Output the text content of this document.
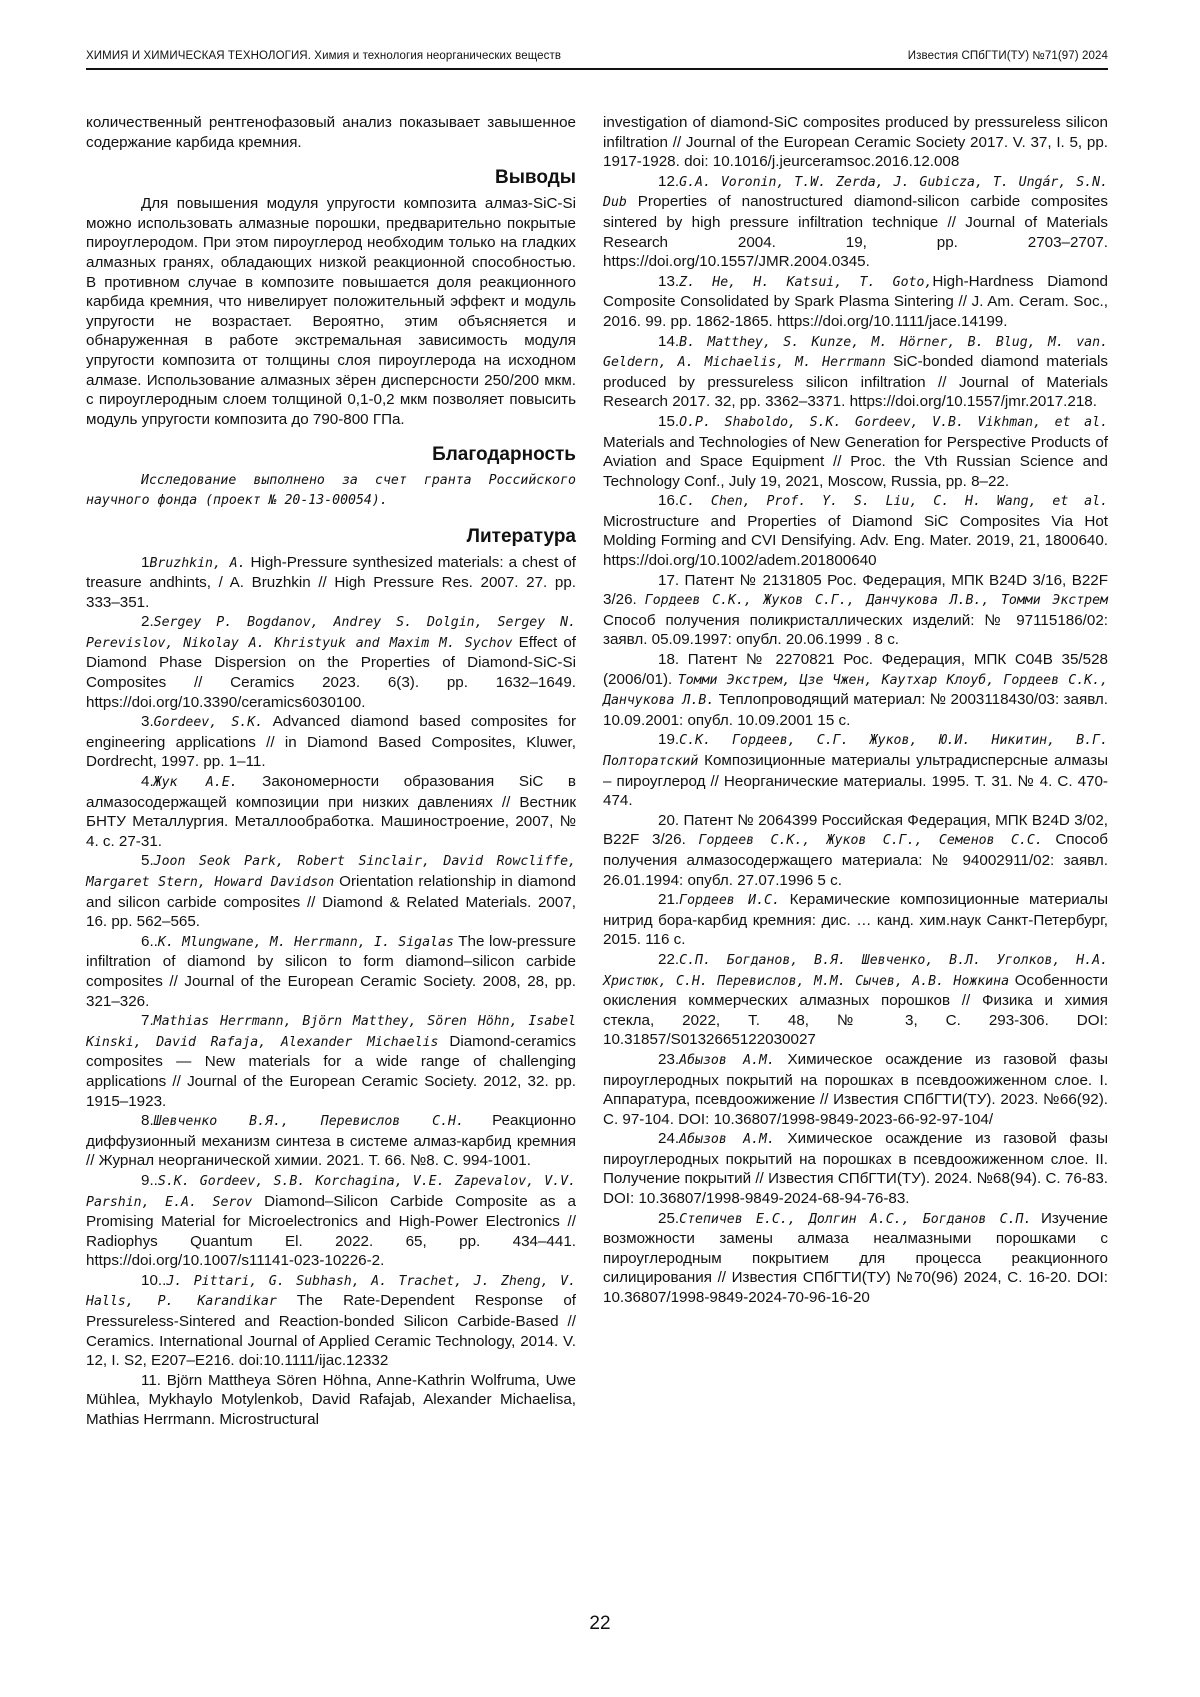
ХИМИЯ И ХИМИЧЕСКАЯ ТЕХНОЛОГИЯ. Химия и технология неорганических веществ	Известия СПбГТИ(ТУ) №71(97) 2024

количественный рентгенофазовый анализ показывает завышенное содержание карбида кремния.

Выводы

Для повышения модуля упругости композита алмаз-SiC-Si можно использовать алмазные порошки, предварительно покрытые пироуглеродом. При этом пироуглерод необходим только на гладких алмазных гранях, обладающих низкой реакционной способностью. В противном случае в композите повышается доля реакционного карбида кремния, что нивелирует положительный эффект и модуль упругости не возрастает. Вероятно, этим объясняется и обнаруженная в работе экстремальная зависимость модуля упругости композита от толщины слоя пироуглерода на исходном алмазе. Использование алмазных зёрен дисперсности 250/200 мкм. с пироуглеродным слоем толщиной 0,1-0,2 мкм позволяет повысить модуль упругости композита до 790-800 ГПа.

Благодарность

Исследование выполнено за счет гранта Российского научного фонда (проект № 20-13-00054).

Литература

1Bruzhkin, A. High-Pressure synthesized materials: a chest of treasure andhints, / A. Bruzhkin // High Pressure Res. 2007. 27. pp. 333–351.

2.Sergey P. Bogdanov, Andrey S. Dolgin, Sergey N. Perevislov, Nikolay A. Khristyuk and Maxim M. Sychov Effect of Diamond Phase Dispersion on the Properties of Diamond-SiC-Si Composites // Ceramics 2023. 6(3). pp. 1632–1649. https://doi.org/10.3390/ceramics6030100.

3.Gordeev, S.K. Advanced diamond based composites for engineering applications // in Diamond Based Composites, Kluwer, Dordrecht, 1997. pp. 1–11.

4.Жук А.Е. Закономерности образования SiC в алмазосодержащей композиции при низких давлениях // Вестник БНТУ Металлургия. Металлообработка. Машиностроение, 2007, № 4. с. 27-31.

5.Joon Seok Park, Robert Sinclair, David Rowcliffe, Margaret Stern, Howard Davidson Orientation relationship in diamond and silicon carbide composites // Diamond & Related Materials. 2007, 16. pp. 562–565.

6..K. Mlungwane, M. Herrmann, I. Sigalas The low-pressure infiltration of diamond by silicon to form diamond–silicon carbide composites // Journal of the European Ceramic Society. 2008, 28, pp. 321–326.

7.Mathias Herrmann, Björn Matthey, Sören Höhn, Isabel Kinski, David Rafaja, Alexander Michaelis Diamond-ceramics composites — New materials for a wide range of challenging applications // Journal of the European Ceramic Society. 2012, 32. pp. 1915–1923.

8.Шевченко В.Я., Перевислов С.Н. Реакционно диффузионный механизм синтеза в системе алмаз-карбид кремния // Журнал неорганической химии. 2021. Т. 66. №8. С. 994-1001.

9..S.K. Gordeev, S.B. Korchagina, V.E. Zapevalov, V.V. Parshin, E.A. Serov Diamond–Silicon Carbide Composite as a Promising Material for Microelectronics and High-Power Electronics // Radiophys Quantum El. 2022. 65, pp. 434–441. https://doi.org/10.1007/s11141-023-10226-2.

10..J. Pittari, G. Subhash, A. Trachet, J. Zheng, V. Halls, P. Karandikar The Rate-Dependent Response of Pressureless-Sintered and Reaction-bonded Silicon Carbide-Based // Ceramics. International Journal of Applied Ceramic Technology, 2014. V. 12, I. S2, E207–E216. doi:10.1111/ijac.12332

11. Björn Mattheya Sören Höhna, Anne-Kathrin Wolfruma, Uwe Mühlea, Mykhaylo Motylenkob, David Rafajab, Alexander Michaelisa, Mathias Herrmann. Microstructural

investigation of diamond-SiC composites produced by pressureless silicon infiltration // Journal of the European Ceramic Society 2017. V. 37, I. 5, pp. 1917-1928. doi: 10.1016/j.jeurceramsoc.2016.12.008

12.G.A. Voronin, T.W. Zerda, J. Gubicza, T. Ungár, S.N. Dub Properties of nanostructured diamond-silicon carbide composites sintered by high pressure infiltration technique // Journal of Materials Research 2004. 19, pp. 2703–2707. https://doi.org/10.1557/JMR.2004.0345.

13.Z. He, H. Katsui, T. Goto,High-Hardness Diamond Composite Consolidated by Spark Plasma Sintering // J. Am. Ceram. Soc., 2016. 99. pp. 1862-1865. https://doi.org/10.1111/jace.14199.

14.B. Matthey, S. Kunze, M. Hörner, B. Blug, M. van. Geldern, A. Michaelis, M. Herrmann SiC-bonded diamond materials produced by pressureless silicon infiltration // Journal of Materials Research 2017. 32, pp. 3362–3371. https://doi.org/10.1557/jmr.2017.218.

15.O.P. Shaboldo, S.K. Gordeev, V.B. Vikhman, et al. Materials and Technologies of New Generation for Perspective Products of Aviation and Space Equipment // Proc. the Vth Russian Science and Technology Conf., July 19, 2021, Moscow, Russia, pp. 8–22.

16.C. Chen, Prof. Y. S. Liu, C. H. Wang, et al. Microstructure and Properties of Diamond SiC Composites Via Hot Molding Forming and CVI Densifying. Adv. Eng. Mater. 2019, 21, 1800640. https://doi.org/10.1002/adem.201800640

17. Патент № 2131805 Рос. Федерация, МПК B24D 3/16, B22F 3/26. Гордеев С.К., Жуков С.Г., Данчукова Л.В., Томми Экстрем Способ получения поликристаллических изделий: № 97115186/02: заявл. 05.09.1997: опубл. 20.06.1999 . 8 с.

18. Патент № 2270821 Рос. Федерация, МПК C04B 35/528 (2006/01). Томми Экстрем, Цзе Чжен, Каутхар Клоуб, Гордеев С.К., Данчукова Л.В. Теплопроводящий материал: № 2003118430/03: заявл. 10.09.2001: опубл. 10.09.2001 15 с.

19.С.К. Гордеев, С.Г. Жуков, Ю.И. Никитин, В.Г. Полторатский Композиционные материалы ультрадисперсные алмазы – пироуглерод // Неорганические материалы. 1995. Т. 31. № 4. С. 470-474.

20. Патент № 2064399 Российская Федерация, МПК B24D 3/02, B22F 3/26. Гордеев С.К., Жуков С.Г., Семенов С.С. Способ получения алмазосодержащего материала: № 94002911/02: заявл. 26.01.1994: опубл. 27.07.1996 5 с.

21.Гордеев И.С. Керамические композиционные материалы нитрид бора-карбид кремния: дис. … канд. хим.наук Санкт-Петербург, 2015. 116 с.

22.С.П. Богданов, В.Я. Шевченко, В.Л. Уголков, Н.А. Христюк, С.Н. Перевислов, М.М. Сычев, А.В. Ножкина Особенности окисления коммерческих алмазных порошков // Физика и химия стекла, 2022, Т. 48, № 3, С. 293-306. DOI: 10.31857/S0132665122030027

23.Абызов А.М. Химическое осаждение из газовой фазы пироуглеродных покрытий на порошках в псевдоожиженном слое. I. Аппаратура, псевдоожижение // Известия СПбГТИ(ТУ). 2023. №66(92). С. 97-104. DOI: 10.36807/1998-9849-2023-66-92-97-104/

24.Абызов А.М. Химическое осаждение из газовой фазы пироуглеродных покрытий на порошках в псевдоожиженном слое. II. Получение покрытий // Известия СПбГТИ(ТУ). 2024. №68(94). С. 76-83. DOI: 10.36807/1998-9849-2024-68-94-76-83.

25.Степичев Е.С., Долгин А.С., Богданов С.П. Изучение возможности замены алмаза неалмазными порошками с пироуглеродным покрытием для процесса реакционного силицирования // Известия СПбГТИ(ТУ) №70(96) 2024, С. 16-20. DOI: 10.36807/1998-9849-2024-70-96-16-20

22
